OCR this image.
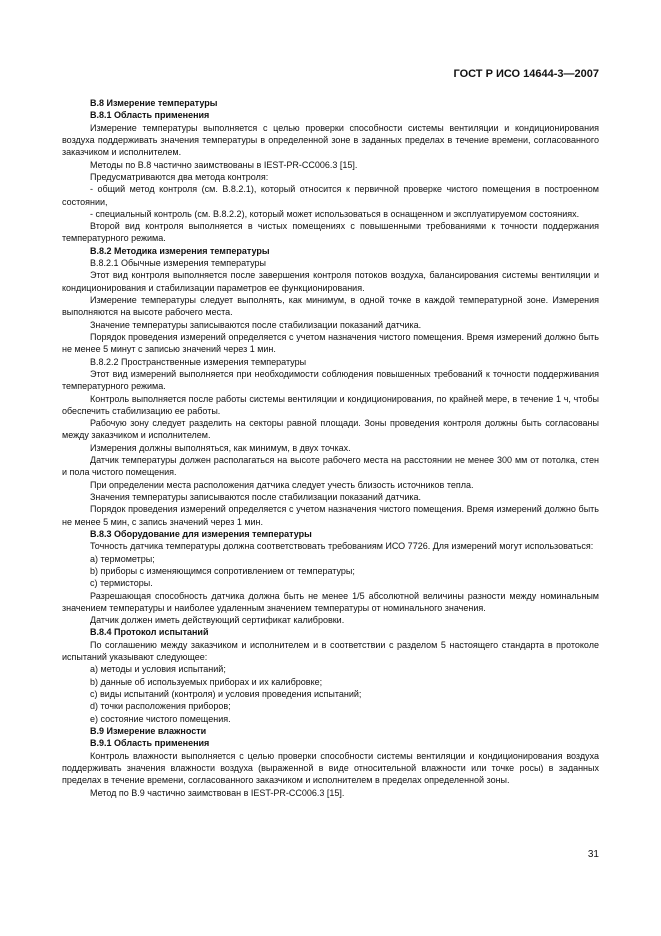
ГОСТ Р ИСО 14644-3—2007

В.8 Измерение температуры

В.8.1 Область применения

Измерение температуры выполняется с целью проверки способности системы вентиляции и кондиционирования воздуха поддерживать значения температуры в определенной зоне в заданных пределах в течение времени, согласованного заказчиком и исполнителем.

Методы по В.8 частично заимствованы в IEST-PR-CC006.3 [15].

Предусматриваются два метода контроля:

- общий метод контроля (см. В.8.2.1), который относится к первичной проверке чистого помещения в построенном состоянии,

- специальный контроль (см. В.8.2.2), который может использоваться в оснащенном и эксплуатируемом состояниях.

Второй вид контроля выполняется в чистых помещениях с повышенными требованиями к точности поддержания температурного режима.

В.8.2 Методика измерения температуры

В.8.2.1 Обычные измерения температуры

Этот вид контроля выполняется после завершения контроля потоков воздуха, балансирования системы вентиляции и кондиционирования и стабилизации параметров ее функционирования.

Измерение температуры следует выполнять, как минимум, в одной точке в каждой температурной зоне. Измерения выполняются на высоте рабочего места.

Значение температуры записываются после стабилизации показаний датчика.

Порядок проведения измерений определяется с учетом назначения чистого помещения. Время измерений должно быть не менее 5 минут с записью значений через 1 мин.

В.8.2.2 Пространственные измерения температуры

Этот вид измерений выполняется при необходимости соблюдения повышенных требований к точности поддерживания температурного режима.

Контроль выполняется после работы системы вентиляции и кондиционирования, по крайней мере, в течение 1 ч, чтобы обеспечить стабилизацию ее работы.

Рабочую зону следует разделить на секторы равной площади. Зоны проведения контроля должны быть согласованы между заказчиком и исполнителем.

Измерения должны выполняться, как минимум, в двух точках.

Датчик температуры должен располагаться на высоте рабочего места на расстоянии не менее 300 мм от потолка, стен и пола чистого помещения.

При определении места расположения датчика следует учесть близость источников тепла.

Значения температуры записываются после стабилизации показаний датчика.

Порядок проведения измерений определяется с учетом назначения чистого помещения. Время измерений должно быть не менее 5 мин, с запись значений через 1 мин.

В.8.3 Оборудование для измерения температуры

Точность датчика температуры должна соответствовать требованиям ИСО 7726. Для измерений могут использоваться:

а) термометры;

b) приборы с изменяющимся сопротивлением от температуры;

c) термисторы.

Разрешающая способность датчика должна быть не менее 1/5 абсолютной величины разности между номинальным значением температуры и наиболее удаленным значением температуры от номинального значения.

Датчик должен иметь действующий сертификат калибровки.

В.8.4 Протокол испытаний

По соглашению между заказчиком и исполнителем и в соответствии с разделом 5 настоящего стандарта в протоколе испытаний указывают следующее:

a) методы и условия испытаний;

b) данные об используемых приборах и их калибровке;

c) виды испытаний (контроля) и условия проведения испытаний;

d) точки расположения приборов;

e) состояние чистого помещения.

В.9 Измерение влажности

В.9.1 Область применения

Контроль влажности выполняется с целью проверки способности системы вентиляции и кондиционирования воздуха поддерживать значения влажности воздуха (выраженной в виде относительной влажности или точке росы) в заданных пределах в течение времени, согласованного заказчиком и исполнителем в пределах определенной зоны.

Метод по В.9 частично заимствован в IEST-PR-CC006.3 [15].

31
